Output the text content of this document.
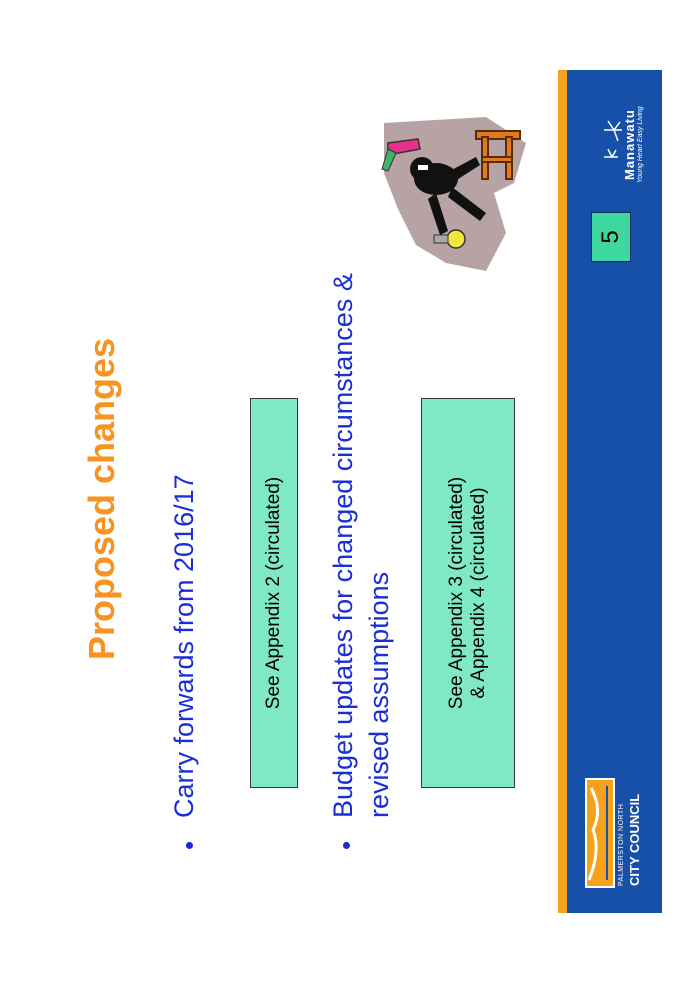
Proposed changes
•
Carry forwards from 2016/17	See Appendix 2 (circulated)
•
Budget updates for changed circumstances & revised assumptions	See Appendix 3 (circulated) & Appendix 4 (circulated)
5
Manawatu Young Heart Easy Living
PALMERSTON NORTH CITY COUNCIL
